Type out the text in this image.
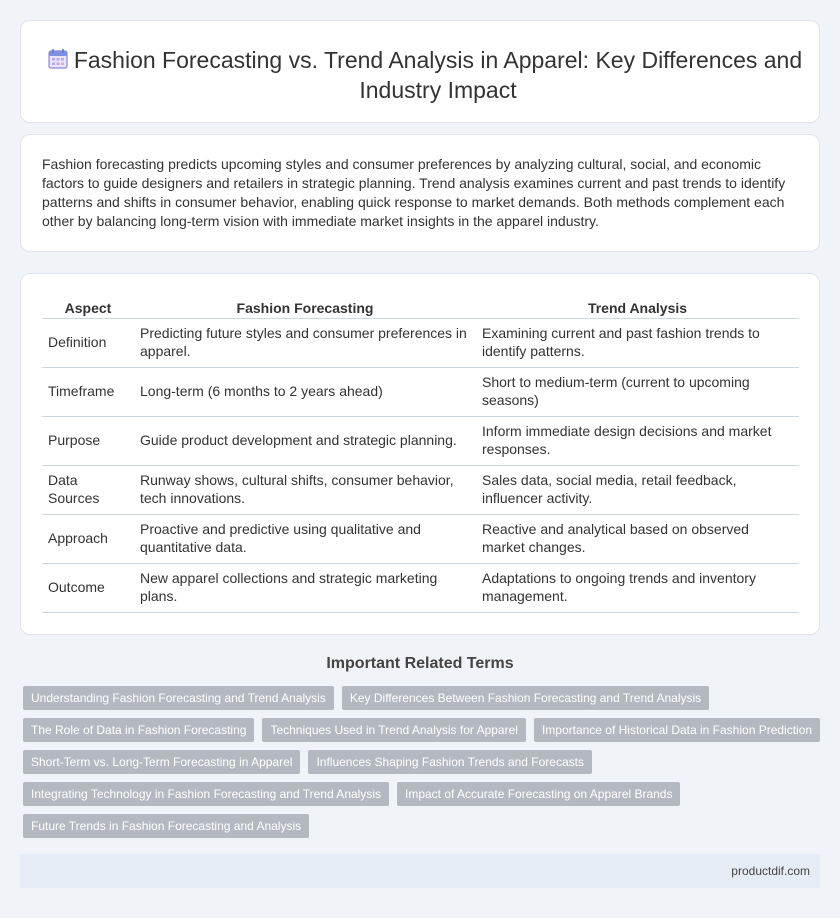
Fashion Forecasting vs. Trend Analysis in Apparel: Key Differences and Industry Impact

Fashion forecasting predicts upcoming styles and consumer preferences by analyzing cultural, social, and economic factors to guide designers and retailers in strategic planning. Trend analysis examines current and past trends to identify patterns and shifts in consumer behavior, enabling quick response to market demands. Both methods complement each other by balancing long-term vision with immediate market insights in the apparel industry.

Aspect	Fashion Forecasting	Trend Analysis
Definition	Predicting future styles and consumer preferences in apparel.	Examining current and past fashion trends to identify patterns.
Timeframe	Long-term (6 months to 2 years ahead)	Short to medium-term (current to upcoming seasons)
Purpose	Guide product development and strategic planning.	Inform immediate design decisions and market responses.
Data Sources	Runway shows, cultural shifts, consumer behavior, tech innovations.	Sales data, social media, retail feedback, influencer activity.
Approach	Proactive and predictive using qualitative and quantitative data.	Reactive and analytical based on observed market changes.
Outcome	New apparel collections and strategic marketing plans.	Adaptations to ongoing trends and inventory management.
Important Related Terms
Understanding Fashion Forecasting and Trend Analysis	Key Differences Between Fashion Forecasting and Trend Analysis
The Role of Data in Fashion Forecasting	Techniques Used in Trend Analysis for Apparel	Importance of Historical Data in Fashion Prediction
Short-Term vs. Long-Term Forecasting in Apparel	Influences Shaping Fashion Trends and Forecasts
Integrating Technology in Fashion Forecasting and Trend Analysis	Impact of Accurate Forecasting on Apparel Brands
Future Trends in Fashion Forecasting and Analysis
productdif.com
